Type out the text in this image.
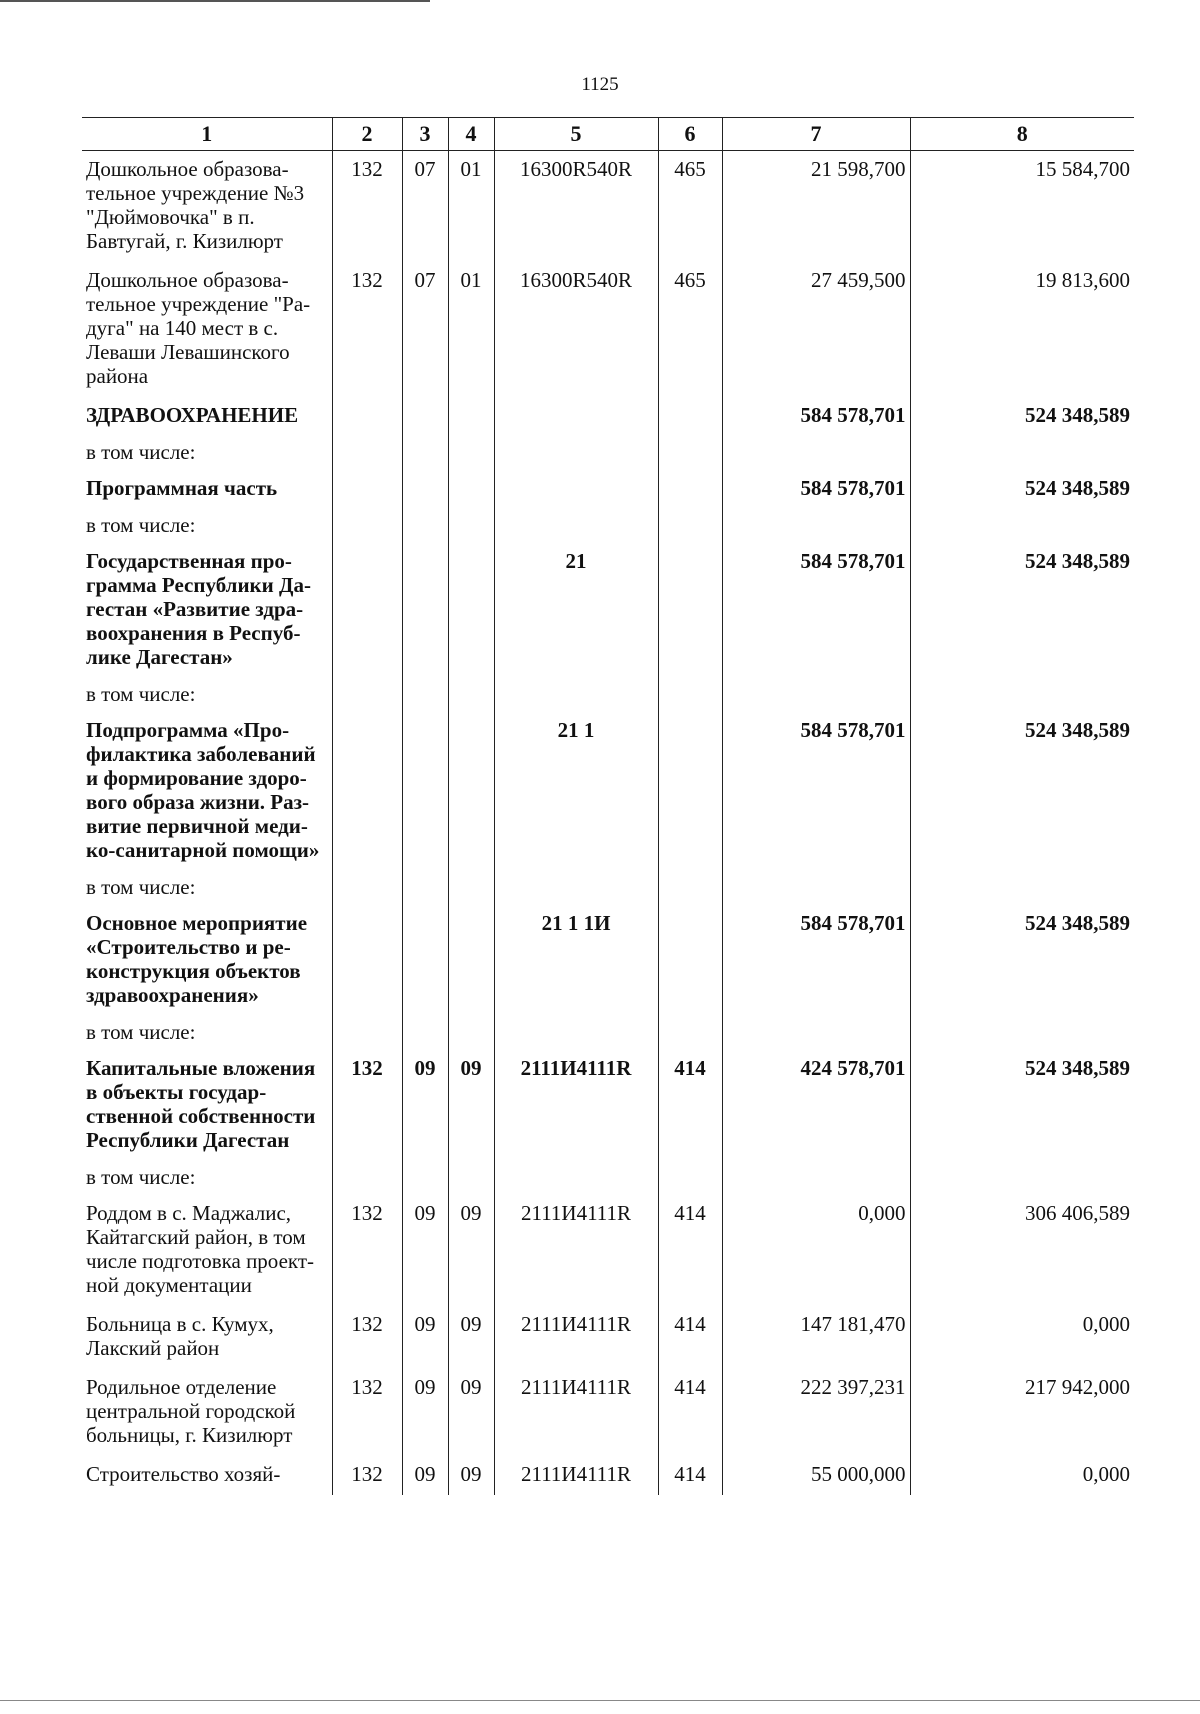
1125
1	2	3	4	5	6	7	8
Дошкольное образова-тельное учреждение №3 "Дюймовочка" в п. Бавтугай, г. Кизилюрт	132	07	01	16300R540R	465	21 598,700	15 584,700
Дошкольное образова-тельное учреждение "Ра-дуга" на 140 мест в с. Леваши Левашинского района	132	07	01	16300R540R	465	27 459,500	19 813,600
ЗДРАВООХРАНЕНИЕ						584 578,701	524 348,589
в том числе:							
Программная часть						584 578,701	524 348,589
в том числе:							
Государственная про-грамма Республики Да-гестан «Развитие здра-воохранения в Респуб-лике Дагестан»				21		584 578,701	524 348,589
в том числе:							
Подпрограмма «Про-филактика заболеваний и формирование здоро-вого образа жизни. Раз-витие первичной меди-ко-санитарной помощи»				21 1		584 578,701	524 348,589
в том числе:							
Основное мероприятие «Строительство и ре-конструкция объектов здравоохранения»				21 1 1И		584 578,701	524 348,589
в том числе:							
Капитальные вложения в объекты государ-ственной собственности Республики Дагестан	132	09	09	2111И4111R	414	424 578,701	524 348,589
в том числе:							
Роддом в с. Маджалис, Кайтагский район, в том числе подготовка проект-ной документации	132	09	09	2111И4111R	414	0,000	306 406,589
Больница в с. Кумух, Лакский район	132	09	09	2111И4111R	414	147 181,470	0,000
Родильное отделение центральной городской больницы, г. Кизилюрт	132	09	09	2111И4111R	414	222 397,231	217 942,000
Строительство хозяй-	132	09	09	2111И4111R	414	55 000,000	0,000
